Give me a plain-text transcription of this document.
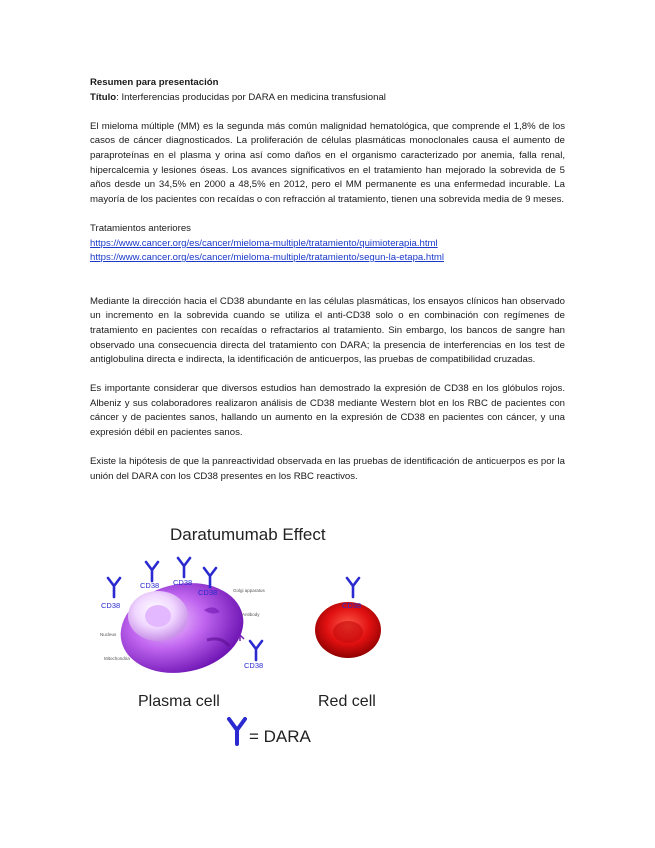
Resumen para presentación
Título: Interferencias producidas por DARA en medicina transfusional

El mieloma múltiple (MM) es la segunda más común malignidad hematológica, que comprende el 1,8% de los casos de cáncer diagnosticados. La proliferación de células plasmáticas monoclonales causa el aumento de paraproteínas en el plasma y orina así como daños en el organismo caracterizado por anemia, falla renal, hipercalcemia y lesiones óseas. Los avances significativos en el tratamiento han mejorado la sobrevida de 5 años desde un 34,5% en 2000 a 48,5% en 2012, pero el MM permanente es una enfermedad incurable. La mayoría de los pacientes con recaídas o con refracción al tratamiento, tienen una sobrevida media de 9 meses.

Tratamientos anteriores
https://www.cancer.org/es/cancer/mieloma-multiple/tratamiento/quimioterapia.html
https://www.cancer.org/es/cancer/mieloma-multiple/tratamiento/segun-la-etapa.html

Mediante la dirección hacia el CD38 abundante en las células plasmáticas, los ensayos clínicos han observado un incremento en la sobrevida cuando se utiliza el anti-CD38 solo o en combinación con regímenes de tratamiento en pacientes con recaídas o refractarios al tratamiento. Sin embargo, los bancos de sangre han observado una consecuencia directa del tratamiento con DARA; la presencia de interferencias en los test de antiglobulina directa e indirecta, la identificación de anticuerpos, las pruebas de compatibilidad cruzadas.

Es importante considerar que diversos estudios han demostrado la expresión de CD38 en los glóbulos rojos. Albeniz y sus colaboradores realizaron análisis de CD38 mediante Western blot en los RBC de pacientes con cáncer y de pacientes sanos, hallando un aumento en la expresión de CD38 en pacientes con cáncer, y una expresión débil en pacientes sanos.

Existe la hipótesis de que la panreactividad observada en las pruebas de identificación de anticuerpos es por la unión del DARA con los CD38 presentes en los RBC reactivos.

Daratumumab Effect
CD38
CD38 CD38
CD38
CD38
Golgi apparatus
Antibody
Nucleus
Mitochondria
CD38
Plasma cell	Red cell
= DARA
